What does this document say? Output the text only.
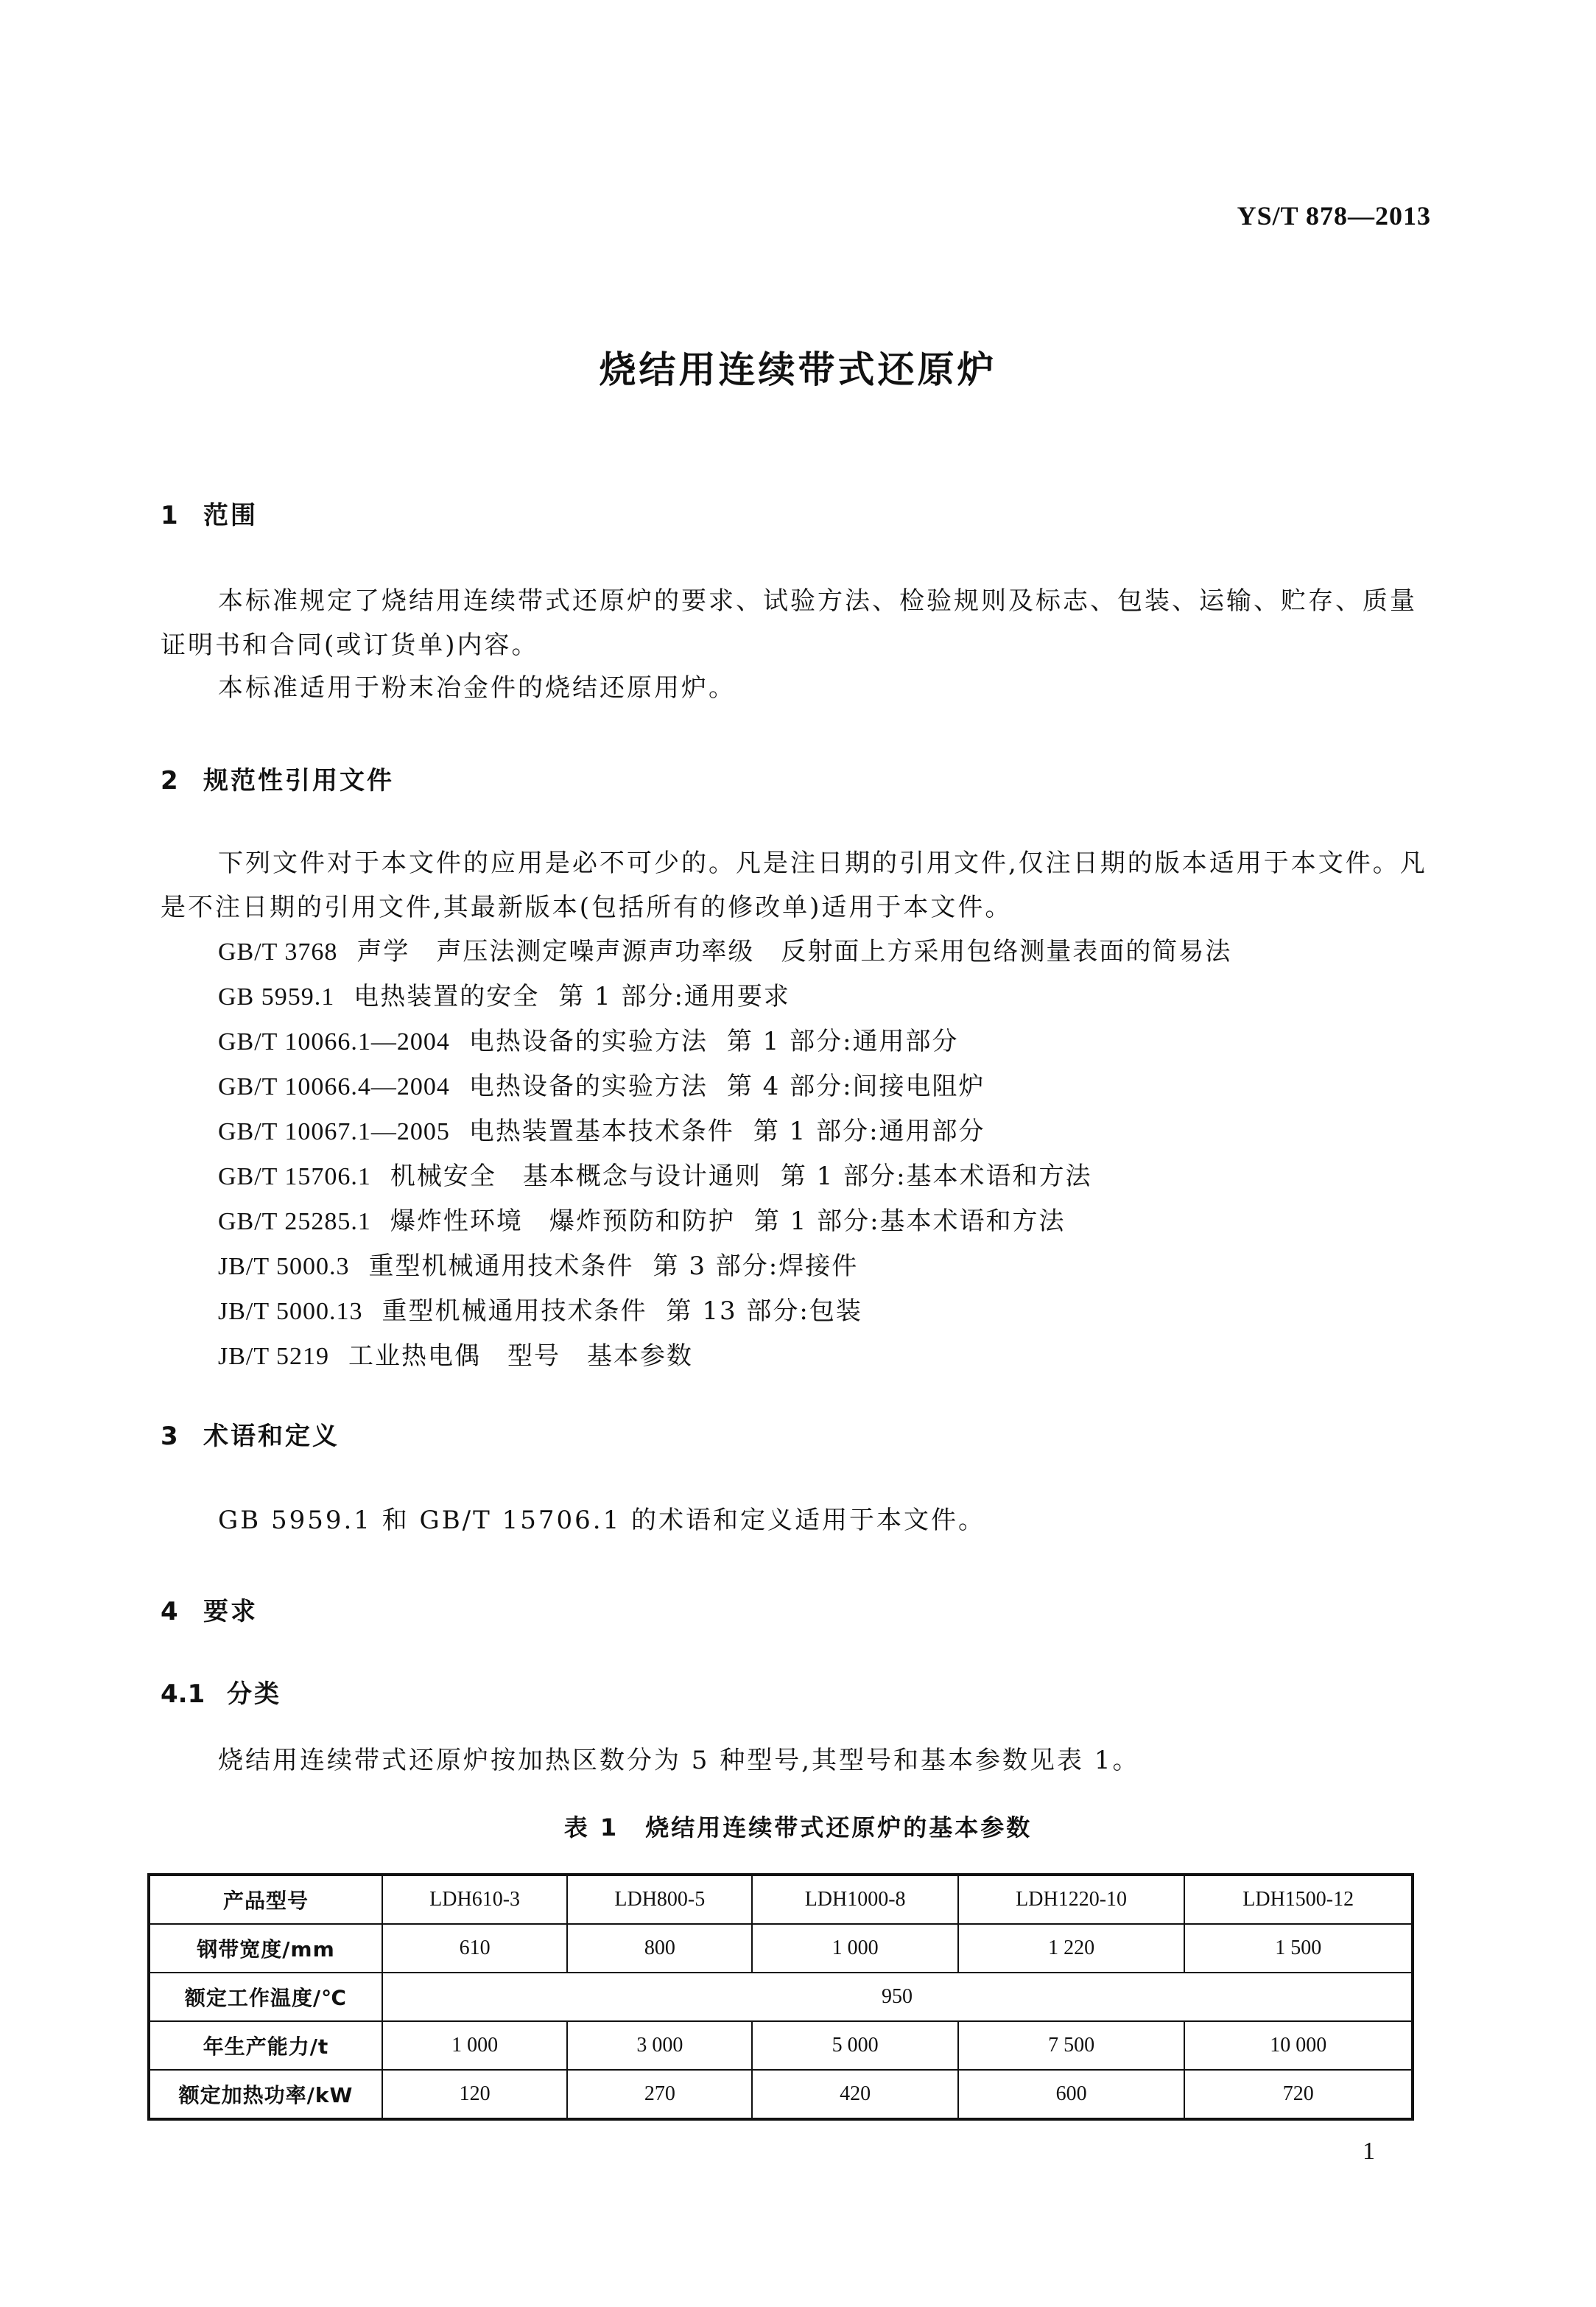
YS/T 878—2013
烧结用连续带式还原炉
1 范围
本标准规定了烧结用连续带式还原炉的要求、试验方法、检验规则及标志、包装、运输、贮存、质量证明书和合同(或订货单)内容。
本标准适用于粉末冶金件的烧结还原用炉。
2 规范性引用文件
下列文件对于本文件的应用是必不可少的。凡是注日期的引用文件,仅注日期的版本适用于本文件。凡是不注日期的引用文件,其最新版本(包括所有的修改单)适用于本文件。
GB/T 3768 声学　声压法测定噪声源声功率级　反射面上方采用包络测量表面的简易法
GB 5959.1 电热装置的安全 第 1 部分:通用要求
GB/T 10066.1—2004 电热设备的实验方法 第 1 部分:通用部分
GB/T 10066.4—2004 电热设备的实验方法 第 4 部分:间接电阻炉
GB/T 10067.1—2005 电热装置基本技术条件 第 1 部分:通用部分
GB/T 15706.1 机械安全　基本概念与设计通则 第 1 部分:基本术语和方法
GB/T 25285.1 爆炸性环境　爆炸预防和防护 第 1 部分:基本术语和方法
JB/T 5000.3 重型机械通用技术条件 第 3 部分:焊接件
JB/T 5000.13 重型机械通用技术条件 第 13 部分:包装
JB/T 5219 工业热电偶　型号　基本参数
3 术语和定义
GB 5959.1 和 GB/T 15706.1 的术语和定义适用于本文件。
4 要求
4.1 分类
烧结用连续带式还原炉按加热区数分为 5 种型号,其型号和基本参数见表 1。
表 1 烧结用连续带式还原炉的基本参数
产品型号	LDH610-3	LDH800-5	LDH1000-8	LDH1220-10	LDH1500-12
钢带宽度/mm	610	800	1 000	1 220	1 500
额定工作温度/℃	950				
年生产能力/t	1 000	3 000	5 000	7 500	10 000
额定加热功率/kW	120	270	420	600	720
1
